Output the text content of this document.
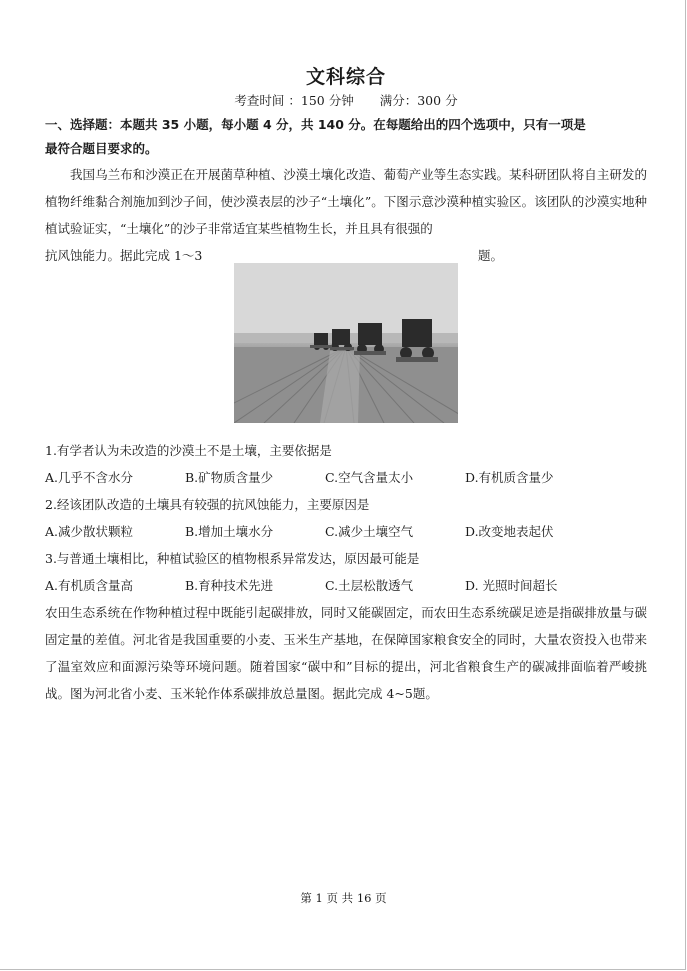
文科综合
考查时间 ：150 分钟 满分：300 分
一、选择题：本题共 35 小题，每小题 4 分，共 140 分。在每题给出的四个选项中，只有一项是
最符合题目要求的。
我国乌兰布和沙漠正在开展菌草种植、沙漠土壤化改造、葡萄产业等生态实践。某科研团队将自主研发的植物纤维黏合剂施加到沙子间，使沙漠表层的沙子“土壤化”。下图示意沙漠种植实验区。该团队的沙漠实地种植试验证实，“土壤化”的沙子非常适宜某些植物生长，并且具有很强的
抗风蚀能力。据此完成 1～3	题。
1.有学者认为未改造的沙漠土不是土壤，主要依据是
A.几乎不含水分	B.矿物质含量少	C.空气含量太小	D.有机质含量少
2.经该团队改造的土壤具有较强的抗风蚀能力，主要原因是
A.减少散状颗粒	B.增加土壤水分	C.减少土壤空气	D.改变地表起伏
3.与普通土壤相比，种植试验区的植物根系异常发达，原因最可能是
A.有机质含量高	B.育种技术先进	C.土层松散透气	D. 光照时间超长
农田生态系统在作物种植过程中既能引起碳排放，同时又能碳固定，而农田生态系统碳足迹是指碳排放量与碳固定量的差值。河北省是我国重要的小麦、玉米生产基地，在保障国家粮食安全的同时，大量农资投入也带来了温室效应和面源污染等环境问题。随着国家“碳中和”目标的提出，河北省粮食生产的碳减排面临着严峻挑战。图为河北省小麦、玉米轮作体系碳排放总量图。据此完成 4~5题。
第 1 页 共 16 页
